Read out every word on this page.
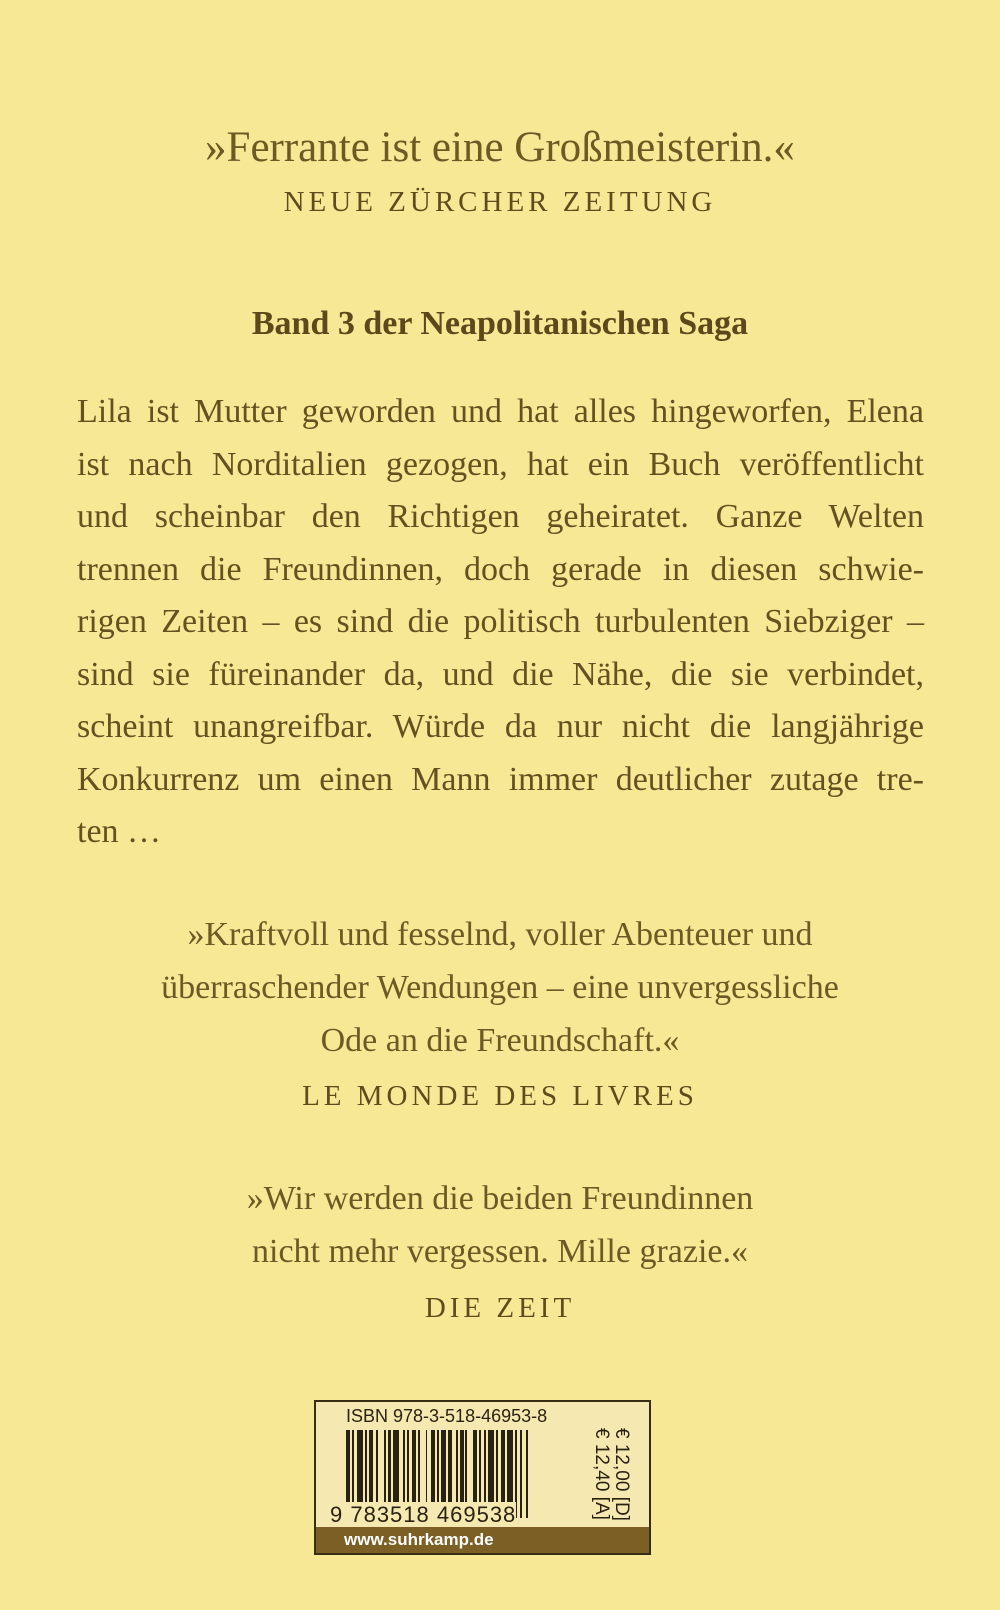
»Ferrante ist eine Großmeisterin.«
NEUE ZÜRCHER ZEITUNG
Band 3 der Neapolitanischen Saga
Lila ist Mutter geworden und hat alles hingeworfen, Elena
ist nach Norditalien gezogen, hat ein Buch veröffentlicht
und scheinbar den Richtigen geheiratet. Ganze Welten
trennen die Freundinnen, doch gerade in diesen schwie-
rigen Zeiten – es sind die politisch turbulenten Siebziger –
sind sie füreinander da, und die Nähe, die sie verbindet,
scheint unangreifbar. Würde da nur nicht die langjährige
Konkurrenz um einen Mann immer deutlicher zutage tre-
ten …
»Kraftvoll und fesselnd, voller Abenteuer und
überraschender Wendungen – eine unvergessliche
Ode an die Freundschaft.«
LE MONDE DES LIVRES
»Wir werden die beiden Freundinnen
nicht mehr vergessen. Mille grazie.«
DIE ZEIT
ISBN 978-3-518-46953-8
9 783518 469538	€ 12,00 [D]
€ 12,40 [A]
www.suhrkamp.de
